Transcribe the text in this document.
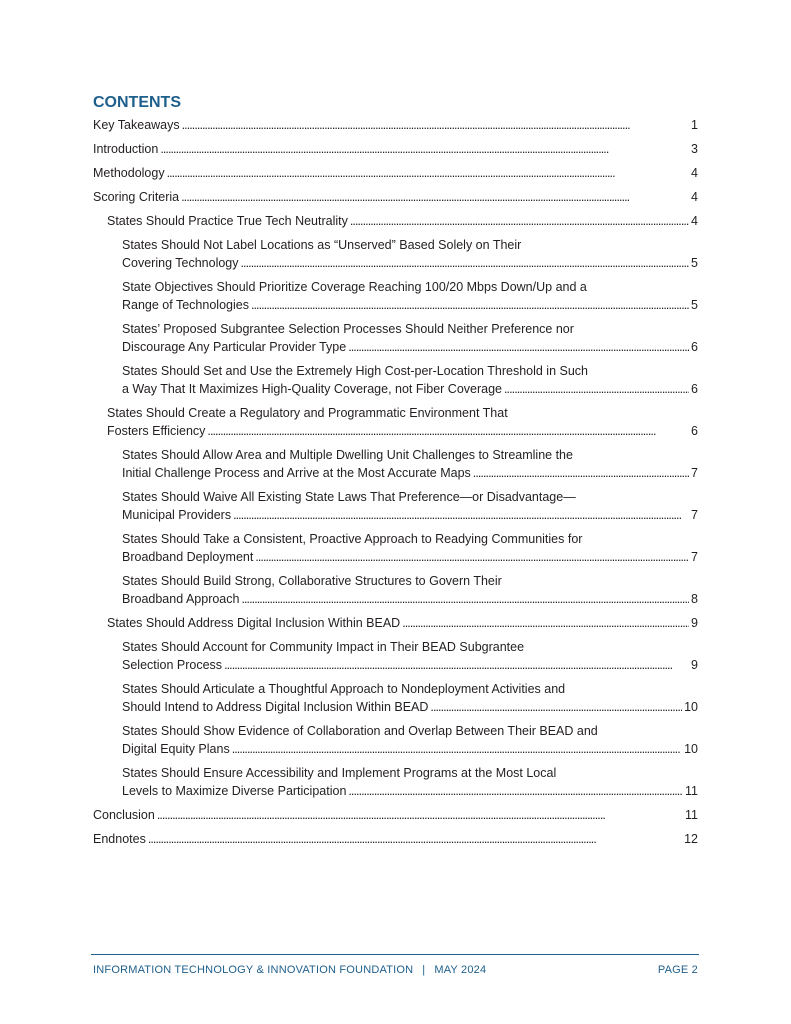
CONTENTS
Key Takeaways . . .	1
Introduction . . .	3
Methodology . . .	4
Scoring Criteria . . .	4
States Should Practice True Tech Neutrality . . .	4
States Should Not Label Locations as “Unserved” Based Solely on Their
Covering Technology . . .	5
State Objectives Should Prioritize Coverage Reaching 100/20 Mbps Down/Up and a
Range of Technologies . . .	5
States’ Proposed Subgrantee Selection Processes Should Neither Preference nor
Discourage Any Particular Provider Type . . .	6
States Should Set and Use the Extremely High Cost-per-Location Threshold in Such
a Way That It Maximizes High-Quality Coverage, not Fiber Coverage . . .	6
States Should Create a Regulatory and Programmatic Environment That
Fosters Efficiency . . .	6
States Should Allow Area and Multiple Dwelling Unit Challenges to Streamline the
Initial Challenge Process and Arrive at the Most Accurate Maps . . .	7
States Should Waive All Existing State Laws That Preference—or Disadvantage—
Municipal Providers . . .	7
States Should Take a Consistent, Proactive Approach to Readying Communities for
Broadband Deployment . . .	7
States Should Build Strong, Collaborative Structures to Govern Their
Broadband Approach . . .	8
States Should Address Digital Inclusion Within BEAD . . .	9
States Should Account for Community Impact in Their BEAD Subgrantee
Selection Process . . .	9
States Should Articulate a Thoughtful Approach to Nondeployment Activities and
Should Intend to Address Digital Inclusion Within BEAD . . .	10
States Should Show Evidence of Collaboration and Overlap Between Their BEAD and
Digital Equity Plans . . .	10
States Should Ensure Accessibility and Implement Programs at the Most Local
Levels to Maximize Diverse Participation . . .	11
Conclusion . . .	11
Endnotes . . .	12
INFORMATION TECHNOLOGY & INNOVATION FOUNDATION | MAY 2024	PAGE 2
